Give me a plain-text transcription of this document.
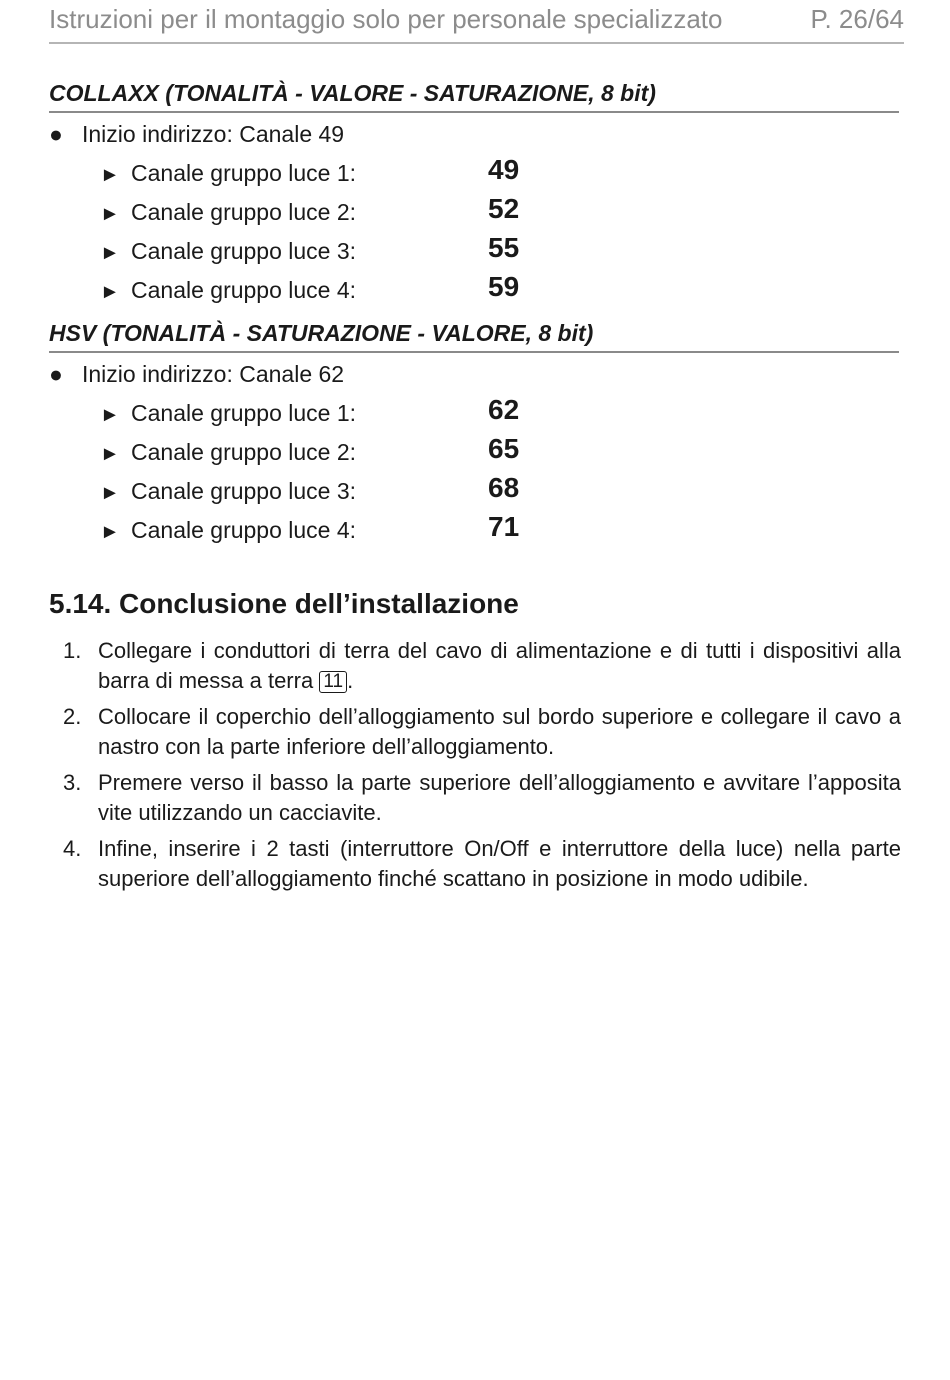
Istruzioni per il montaggio solo per personale specializzato	P. 26/64
COLLAXX (TONALITÀ - VALORE - SATURAZIONE, 8 bit)
● Inizio indirizzo: Canale 49
► Canale gruppo luce 1:	49
► Canale gruppo luce 2:	52
► Canale gruppo luce 3:	55
► Canale gruppo luce 4:	59
HSV (TONALITÀ - SATURAZIONE - VALORE, 8 bit)
● Inizio indirizzo: Canale 62
► Canale gruppo luce 1:	62
► Canale gruppo luce 2:	65
► Canale gruppo luce 3:	68
► Canale gruppo luce 4:	71
5.14. Conclusione dell’installazione
1. Collegare i conduttori di terra del cavo di alimentazione e di tutti i dispositivi alla barra di messa a terra 11 .
2. Collocare il coperchio dell’alloggiamento sul bordo superiore e collegare il cavo a nastro con la parte inferiore dell’alloggiamento.
3. Premere verso il basso la parte superiore dell’alloggiamento e avvitare l’apposita vite utilizzando un cacciavite.
4. Infine, inserire i 2 tasti (interruttore On/Off e interruttore della luce) nella parte superiore dell’alloggiamento finché scattano in posizione in modo udibile.
